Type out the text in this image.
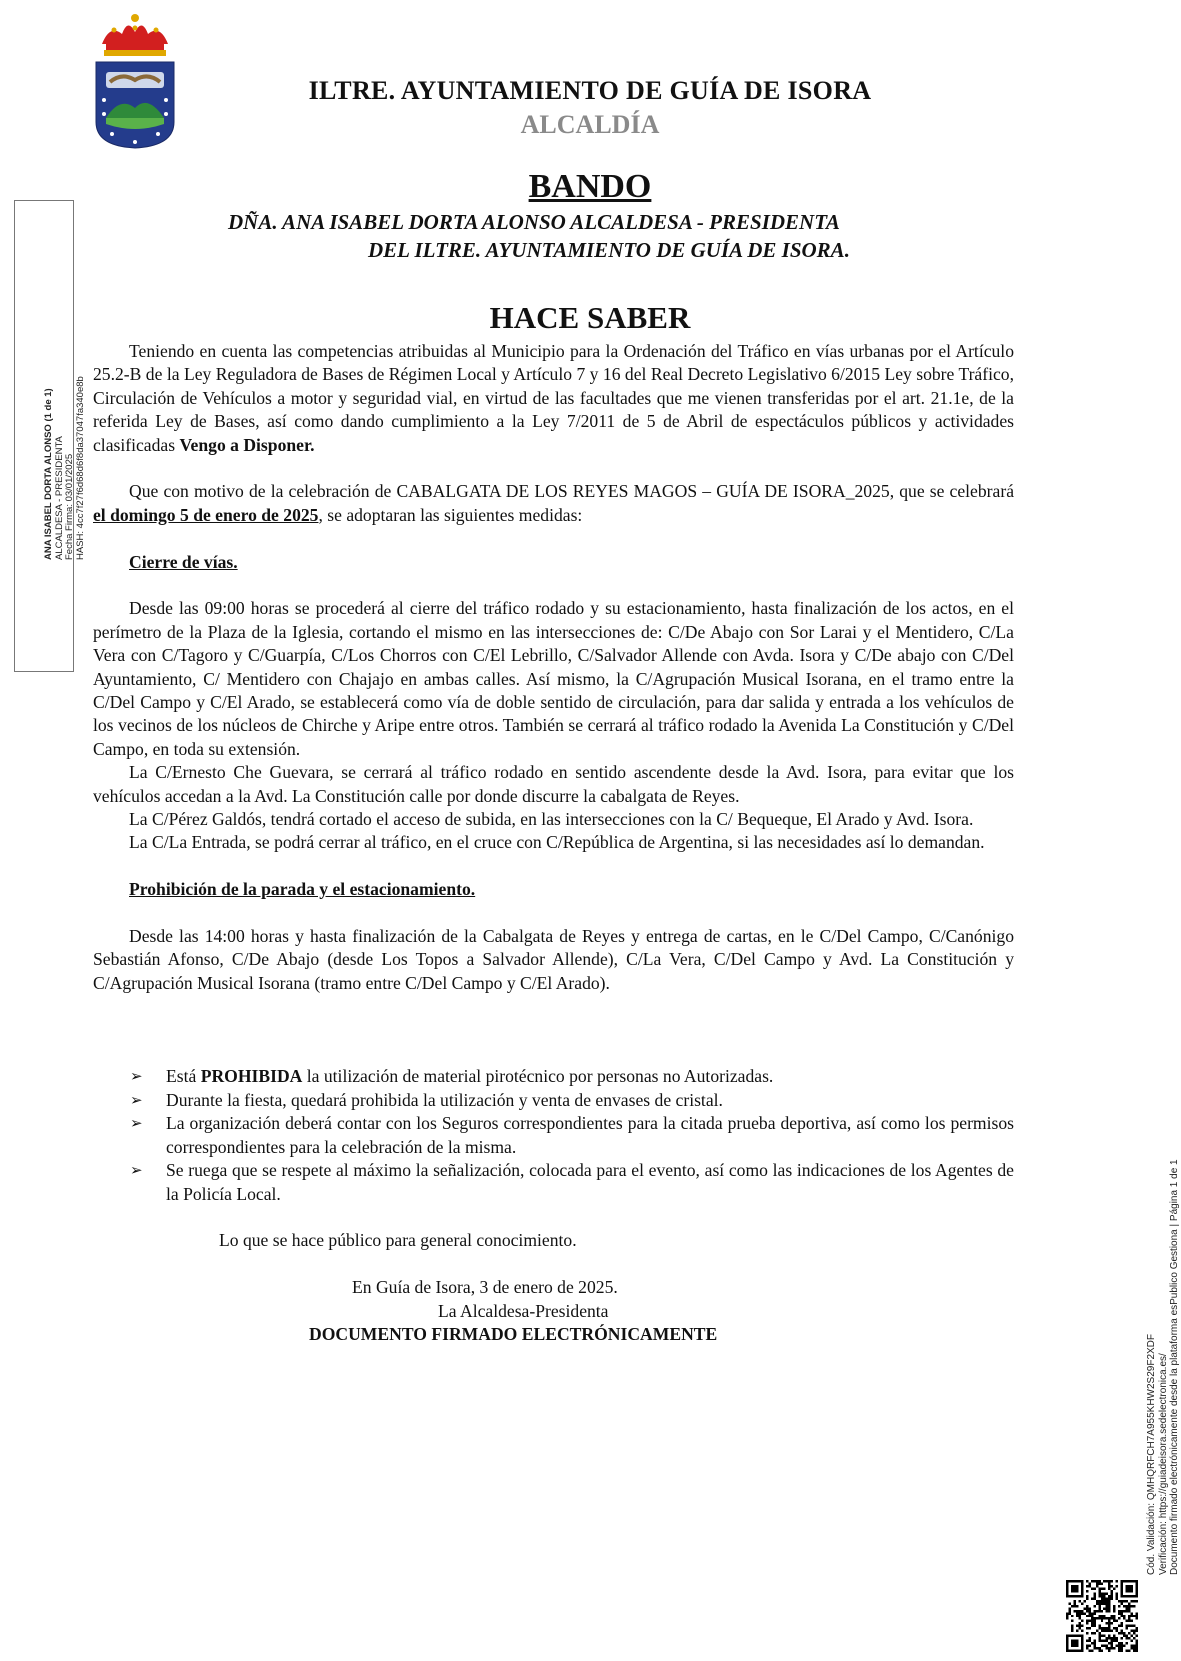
ILTRE. AYUNTAMIENTO DE GUÍA DE ISORA
ALCALDÍA
BANDO
DÑA. ANA ISABEL DORTA ALONSO ALCALDESA - PRESIDENTA
DEL ILTRE. AYUNTAMIENTO DE GUÍA DE ISORA.
HACE SABER
ANA ISABEL DORTA ALONSO (1 de 1) ALCALDESA - PRESIDENTA Fecha Firma: 03/01/2025 HASH: 4cc7f27f6d68d6f8da37047fa340e8b

Teniendo en cuenta las competencias atribuidas al Municipio para la Ordenación del Tráfico en vías urbanas por el Artículo 25.2-B de la Ley Reguladora de Bases de Régimen Local y Artículo 7 y 16 del Real Decreto Legislativo 6/2015 Ley sobre Tráfico, Circulación de Vehículos a motor y seguridad vial, en virtud de las facultades que me vienen transferidas por el art. 21.1e, de la referida Ley de Bases, así como dando cumplimiento a la Ley 7/2011 de 5 de Abril de espectáculos públicos y actividades clasificadas Vengo a Disponer.

Que con motivo de la celebración de CABALGATA DE LOS REYES MAGOS – GUÍA DE ISORA_2025, que se celebrará el domingo 5 de enero de 2025, se adoptaran las siguientes medidas:

Cierre de vías.

Desde las 09:00 horas se procederá al cierre del tráfico rodado y su estacionamiento, hasta finalización de los actos, en el perímetro de la Plaza de la Iglesia, cortando el mismo en las intersecciones de: C/De Abajo con Sor Larai y el Mentidero, C/La Vera con C/Tagoro y C/Guarpía, C/Los Chorros con C/El Lebrillo, C/Salvador Allende con Avda. Isora y C/De abajo con C/Del Ayuntamiento, C/ Mentidero con Chajajo en ambas calles. Así mismo, la C/Agrupación Musical Isorana, en el tramo entre la C/Del Campo y C/El Arado, se establecerá como vía de doble sentido de circulación, para dar salida y entrada a los vehículos de los vecinos de los núcleos de Chirche y Aripe entre otros. También se cerrará al tráfico rodado la Avenida La Constitución y C/Del Campo, en toda su extensión.

La C/Ernesto Che Guevara, se cerrará al tráfico rodado en sentido ascendente desde la Avd. Isora, para evitar que los vehículos accedan a la Avd. La Constitución calle por donde discurre la cabalgata de Reyes.

La C/Pérez Galdós, tendrá cortado el acceso de subida, en las intersecciones con la C/ Bequeque, El Arado y Avd. Isora.

La C/La Entrada, se podrá cerrar al tráfico, en el cruce con C/República de Argentina, si las necesidades así lo demandan.

Prohibición de la parada y el estacionamiento.

Desde las 14:00 horas y hasta finalización de la Cabalgata de Reyes y entrega de cartas, en le C/Del Campo, C/Canónigo Sebastián Afonso, C/De Abajo (desde Los Topos a Salvador Allende), C/La Vera, C/Del Campo y Avd. La Constitución y C/Agrupación Musical Isorana (tramo entre C/Del Campo y C/El Arado).

➢ Está PROHIBIDA la utilización de material pirotécnico por personas no Autorizadas.
➢ Durante la fiesta, quedará prohibida la utilización y venta de envases de cristal.
➢ La organización deberá contar con los Seguros correspondientes para la citada prueba deportiva, así como los permisos correspondientes para la celebración de la misma.
➢ Se ruega que se respete al máximo la señalización, colocada para el evento, así como las indicaciones de los Agentes de la Policía Local.

Lo que se hace público para general conocimiento.

En Guía de Isora, 3 de enero de 2025.

La Alcaldesa-Presidenta

DOCUMENTO FIRMADO ELECTRÓNICAMENTE

Cód. Validación: QMHQRFCH7A955KHW2S29F2XDF Verificación: https://guiadeisora.sedelectronica.es/ Documento firmado electrónicamente desde la plataforma esPublico Gestiona | Página 1 de 1
